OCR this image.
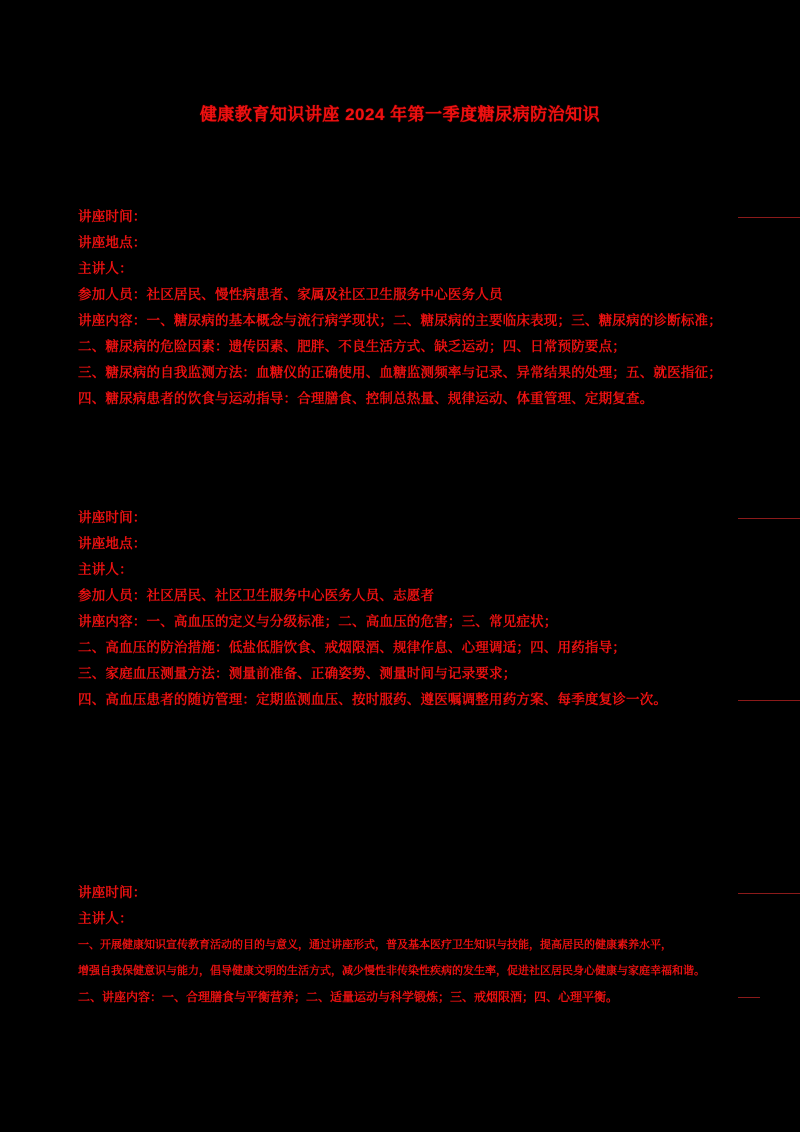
健康教育知识讲座 2024 年第一季度糖尿病防治知识
讲座时间：
讲座地点：
主讲人：
参加人员：社区居民、慢性病患者、家属及社区卫生服务中心医务人员
讲座内容：一、糖尿病的基本概念与流行病学现状；二、糖尿病的主要临床表现；三、糖尿病的诊断标准；
二、糖尿病的危险因素：遗传因素、肥胖、不良生活方式、缺乏运动；四、日常预防要点；
三、糖尿病的自我监测方法：血糖仪的正确使用、血糖监测频率与记录、异常结果的处理；五、就医指征；
四、糖尿病患者的饮食与运动指导：合理膳食、控制总热量、规律运动、体重管理、定期复查。
讲座时间：
讲座地点：
主讲人：
参加人员：社区居民、社区卫生服务中心医务人员、志愿者
讲座内容：一、高血压的定义与分级标准；二、高血压的危害；三、常见症状；
二、高血压的防治措施：低盐低脂饮食、戒烟限酒、规律作息、心理调适；四、用药指导；
三、家庭血压测量方法：测量前准备、正确姿势、测量时间与记录要求；
四、高血压患者的随访管理：定期监测血压、按时服药、遵医嘱调整用药方案、每季度复诊一次。
讲座时间：
主讲人：
一、开展健康知识宣传教育活动的目的与意义，通过讲座形式，普及基本医疗卫生知识与技能，提高居民的健康素养水平，
增强自我保健意识与能力，倡导健康文明的生活方式，减少慢性非传染性疾病的发生率，促进社区居民身心健康与家庭幸福和谐。
二、讲座内容：一、合理膳食与平衡营养；二、适量运动与科学锻炼；三、戒烟限酒；四、心理平衡。
